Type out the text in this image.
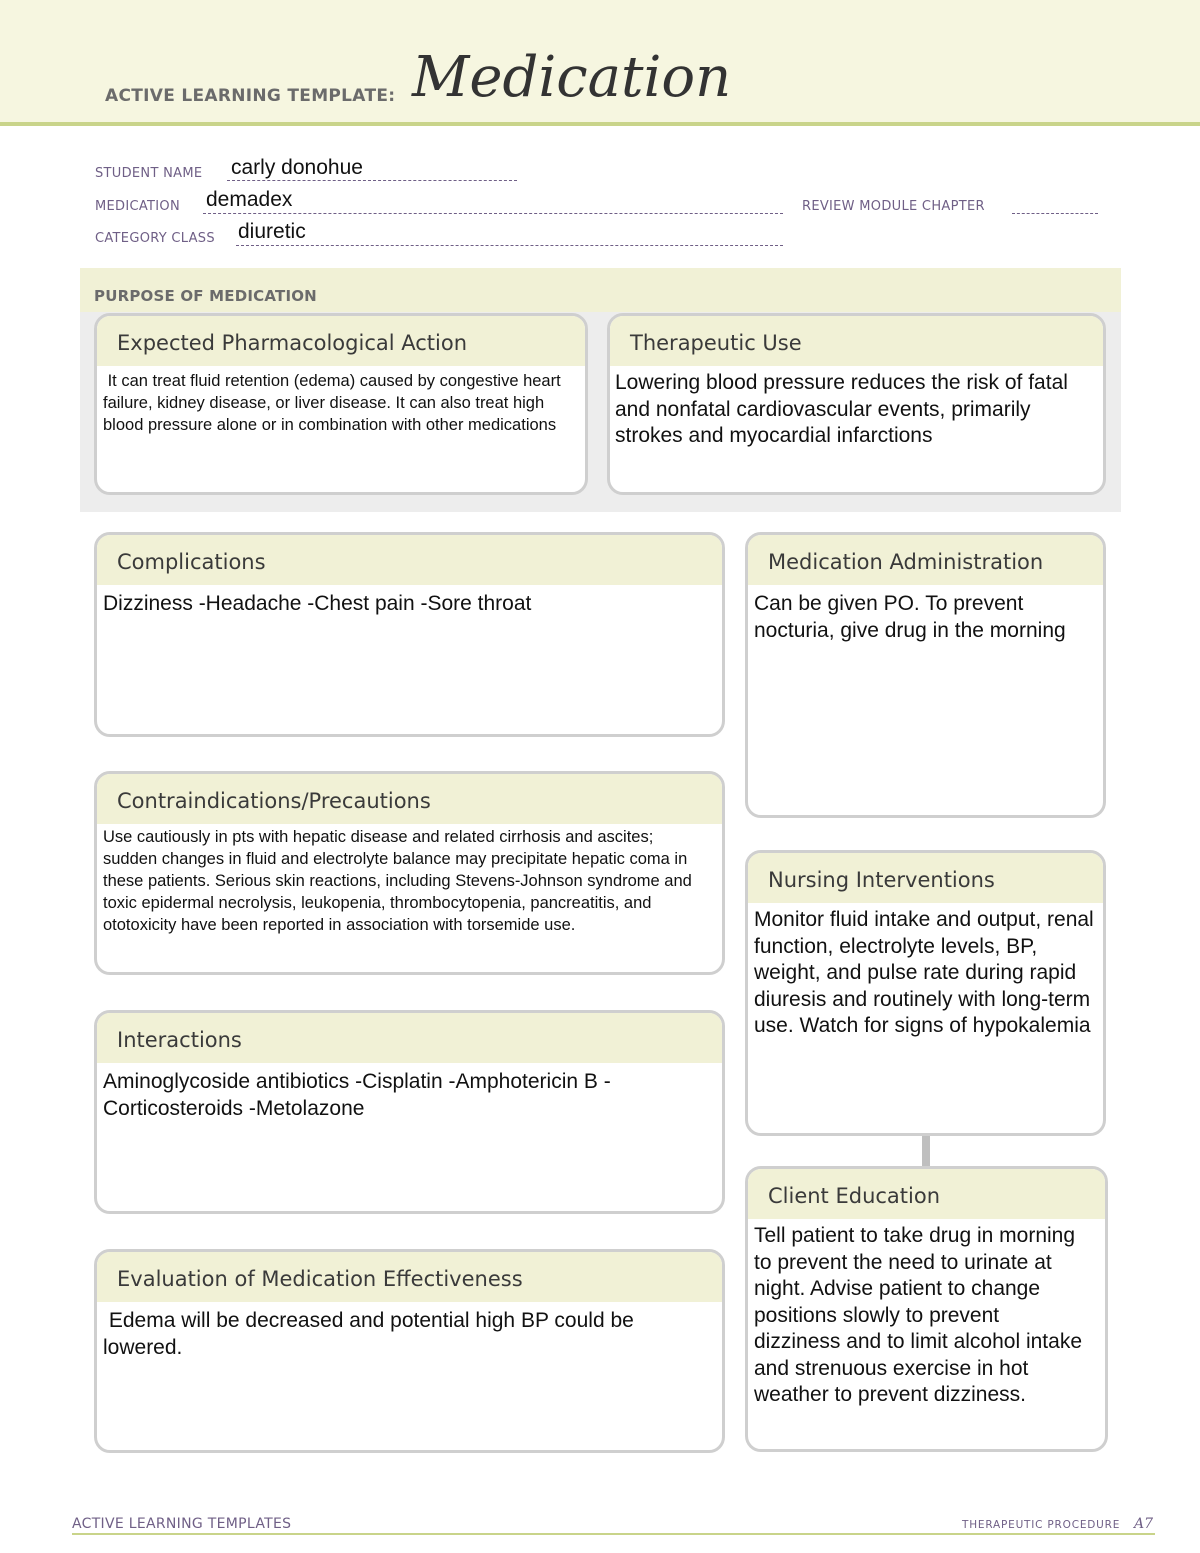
ACTIVE LEARNING TEMPLATE: Medication
STUDENT NAME carly donohue
MEDICATION demadex	REVIEW MODULE CHAPTER
CATEGORY CLASS diuretic
PURPOSE OF MEDICATION
Expected Pharmacological Action
It can treat fluid retention (edema) caused by congestive heart failure, kidney disease, or liver disease. It can also treat high blood pressure alone or in combination with other medications
Therapeutic Use
Lowering blood pressure reduces the risk of fatal and nonfatal cardiovascular events, primarily strokes and myocardial infarctions
Complications
Dizziness -Headache -Chest pain -Sore throat
Contraindications/Precautions
Use cautiously in pts with hepatic disease and related cirrhosis and ascites; sudden changes in fluid and electrolyte balance may precipitate hepatic coma in these patients. Serious skin reactions, including Stevens-Johnson syndrome and toxic epidermal necrolysis, leukopenia, thrombocytopenia, pancreatitis, and ototoxicity have been reported in association with torsemide use.
Interactions
Aminoglycoside antibiotics -Cisplatin -Amphotericin B -Corticosteroids -Metolazone
Evaluation of Medication Effectiveness
Edema will be decreased and potential high BP could be lowered.
Medication Administration
Can be given PO. To prevent nocturia, give drug in the morning
Nursing Interventions
Monitor fluid intake and output, renal function, electrolyte levels, BP, weight, and pulse rate during rapid diuresis and routinely with long-term use. Watch for signs of hypokalemia
Client Education
Tell patient to take drug in morning to prevent the need to urinate at night. Advise patient to change positions slowly to prevent dizziness and to limit alcohol intake and strenuous exercise in hot weather to prevent dizziness.
ACTIVE LEARNING TEMPLATES	THERAPEUTIC PROCEDURE A7
